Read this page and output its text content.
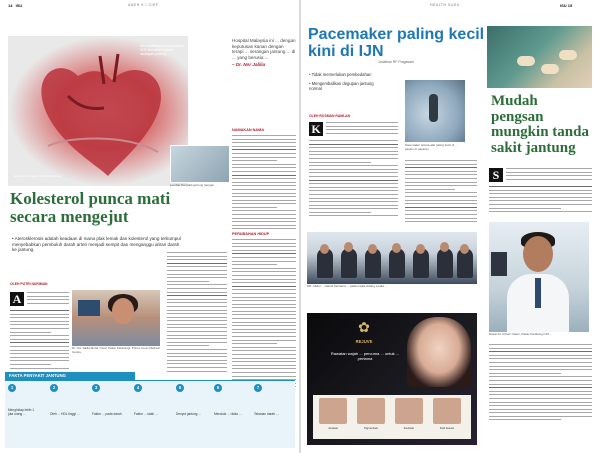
14 ISU	ANEH K I CIEF
Aterosklerosis menyebabkan 31% kematian seluruh serangan jantung.
Gambar: Penyakit Jantung Koroner
Hospital Malaysia ini ... dengan keputusan kanan dengan terapi ... serangan jantung ... di ... yang berusia ...
– Dr. Nor Jalilia
NAMAKAN NAMA
PERUBAHAN HIDUP
Lumbar Penyakit jantung dengan ...
Kolesterol punca mati secara mengejut
• Aterosklerosis adalah keadaan di mana plak lemak dan kolesterol yang terkumpul menyebabkan pembuluh darah arteri menjadi sempit dan menganggu aliran darah ke jantung.
OLEH PUTRI NURIMAN
A
Dr. Nor Jalilia Mohd Yusof, Pakar Kardiologi, Prince Court Medical Centre.
FAKTA PENYAKIT JANTUNG
1 Menghidap lebih 1 juta orang ...
2 Oleh ... HDL tinggi ...
3 Faktor ... pada darah
4 Faktor ... ialah ...
5 Denyut jantung ...
6 Merokok ... risiko ...
7 Tekanan darah ...
HEALTH SUSU	ISU 15
Pacemaker paling kecil kini di IJN
Jonathan RF Pragasam
• Tidak memerlukan pembedahan
• Mengembalikan degupan jantung normal
OLEH ROSMAN RAMLAN
K
Pacemaker antara alat paling kecil di ... pasien di pasaran.
DR. Abdul ... Hamid bersama ... pada majlis sidang media ...
✿
REJUVE
Rawatan wajah ... percuma ... untuk ... pertama
Jerawat	Pigmentasi	Kedutan	Kulit kusam
Mudah pengsan mungkin tanda sakit jantung
S
Datuk Dr. Azhari Yakub, Pakar Kardiologi IJN ...
